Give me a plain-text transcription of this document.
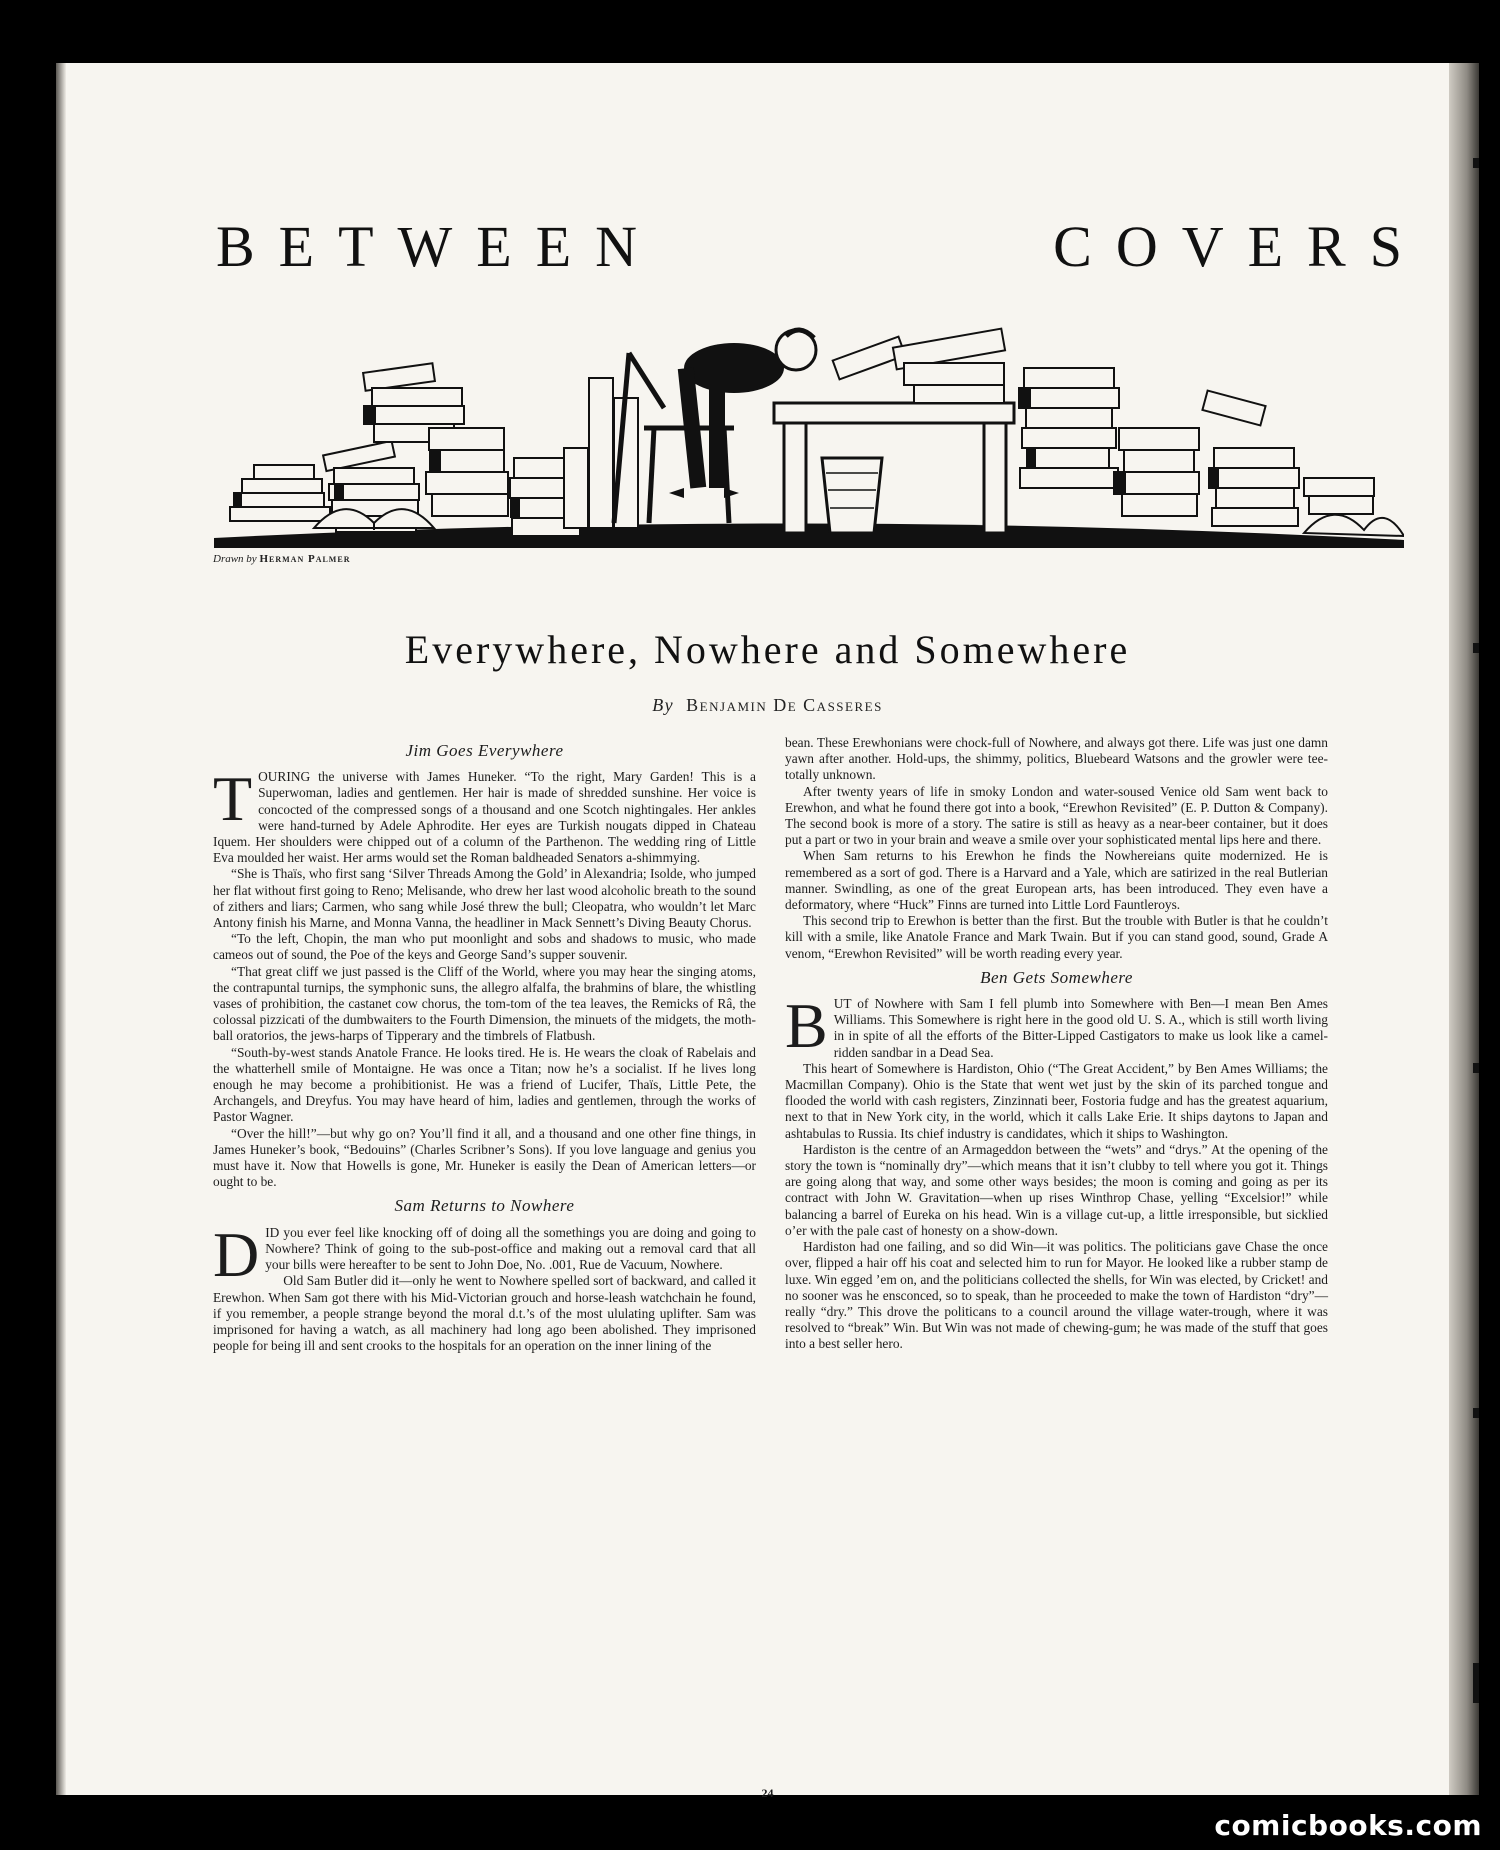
BETWEEN	COVERS
Drawn by Herman Palmer
Everywhere, Nowhere and Somewhere
By Benjamin De Casseres
Jim Goes Everywhere

TOURING the universe with James Huneker. “To the right, Mary Garden! This is a Superwoman, ladies and gentlemen. Her hair is made of shredded sunshine. Her voice is concocted of the compressed songs of a thousand and one Scotch nightingales. Her ankles were hand-turned by Adele Aphrodite. Her eyes are Turkish nougats dipped in Chateau Iquem. Her shoulders were chipped out of a column of the Parthenon. The wedding ring of Little Eva moulded her waist. Her arms would set the Roman baldheaded Senators a-shimmying.

“She is Thaïs, who first sang ‘Silver Threads Among the Gold’ in Alexandria; Isolde, who jumped her flat without first going to Reno; Melisande, who drew her last wood alcoholic breath to the sound of zithers and liars; Carmen, who sang while José threw the bull; Cleopatra, who wouldn’t let Marc Antony finish his Marne, and Monna Vanna, the headliner in Mack Sennett’s Diving Beauty Chorus.

“To the left, Chopin, the man who put moonlight and sobs and shadows to music, who made cameos out of sound, the Poe of the keys and George Sand’s supper souvenir.

“That great cliff we just passed is the Cliff of the World, where you may hear the singing atoms, the contrapuntal turnips, the symphonic suns, the allegro alfalfa, the brahmins of blare, the whistling vases of prohibition, the castanet cow chorus, the tom-tom of the tea leaves, the Remicks of Râ, the colossal pizzicati of the dumbwaiters to the Fourth Dimension, the minuets of the midgets, the moth-ball oratorios, the jews-harps of Tipperary and the timbrels of Flatbush.

“South-by-west stands Anatole France. He looks tired. He is. He wears the cloak of Rabelais and the whatterhell smile of Montaigne. He was once a Titan; now he’s a socialist. If he lives long enough he may become a prohibitionist. He was a friend of Lucifer, Thaïs, Little Pete, the Archangels, and Dreyfus. You may have heard of him, ladies and gentlemen, through the works of Pastor Wagner.

“Over the hill!”—but why go on? You’ll find it all, and a thousand and one other fine things, in James Huneker’s book, “Bedouins” (Charles Scribner’s Sons). If you love language and genius you must have it. Now that Howells is gone, Mr. Huneker is easily the Dean of American letters—or ought to be.

Sam Returns to Nowhere

DID you ever feel like knocking off of doing all the somethings you are doing and going to Nowhere? Think of going to the sub-post-office and making out a removal card that all your bills were hereafter to be sent to John Doe, No. .001, Rue de Vacuum, Nowhere.

Old Sam Butler did it—only he went to Nowhere spelled sort of backward, and called it Erewhon. When Sam got there with his Mid-Victorian grouch and horse-leash watchchain he found, if you remember, a people strange beyond the moral d.t.’s of the most ululating uplifter. Sam was imprisoned for having a watch, as all machinery had long ago been abolished. They imprisoned people for being ill and sent crooks to the hospitals for an operation on the inner lining of the

bean. These Erewhonians were chock-full of Nowhere, and always got there. Life was just one damn yawn after another. Hold-ups, the shimmy, politics, Bluebeard Watsons and the growler were tee-totally unknown.

After twenty years of life in smoky London and water-soused Venice old Sam went back to Erewhon, and what he found there got into a book, “Erewhon Revisited” (E. P. Dutton & Company). The second book is more of a story. The satire is still as heavy as a near-beer container, but it does put a part or two in your brain and weave a smile over your sophisticated mental lips here and there.

When Sam returns to his Erewhon he finds the Nowhereians quite modernized. He is remembered as a sort of god. There is a Harvard and a Yale, which are satirized in the real Butlerian manner. Swindling, as one of the great European arts, has been introduced. They even have a deformatory, where “Huck” Finns are turned into Little Lord Fauntleroys.

This second trip to Erewhon is better than the first. But the trouble with Butler is that he couldn’t kill with a smile, like Anatole France and Mark Twain. But if you can stand good, sound, Grade A venom, “Erewhon Revisited” will be worth reading every year.

Ben Gets Somewhere

BUT of Nowhere with Sam I fell plumb into Somewhere with Ben—I mean Ben Ames Williams. This Somewhere is right here in the good old U. S. A., which is still worth living in in spite of all the efforts of the Bitter-Lipped Castigators to make us look like a camel-ridden sandbar in a Dead Sea.

This heart of Somewhere is Hardiston, Ohio (“The Great Accident,” by Ben Ames Williams; the Macmillan Company). Ohio is the State that went wet just by the skin of its parched tongue and flooded the world with cash registers, Zinzinnati beer, Fostoria fudge and has the greatest aquarium, next to that in New York city, in the world, which it calls Lake Erie. It ships daytons to Japan and ashtabulas to Russia. Its chief industry is candidates, which it ships to Washington.

Hardiston is the centre of an Armageddon between the “wets” and “drys.” At the opening of the story the town is “nominally dry”—which means that it isn’t clubby to tell where you got it. Things are going along that way, and some other ways besides; the moon is coming and going as per its contract with John W. Gravitation—when up rises Winthrop Chase, yelling “Excelsior!” while balancing a barrel of Eureka on his head. Win is a village cut-up, a little irresponsible, but sicklied o’er with the pale cast of honesty on a show-down.

Hardiston had one failing, and so did Win—it was politics. The politicians gave Chase the once over, flipped a hair off his coat and selected him to run for Mayor. He looked like a rubber stamp de luxe. Win egged ’em on, and the politicians collected the shells, for Win was elected, by Cricket! and no sooner was he ensconced, so to speak, than he proceeded to make the town of Hardiston “dry”—really “dry.” This drove the politicans to a council around the village water-trough, where it was resolved to “break” Win. But Win was not made of chewing-gum; he was made of the stuff that goes into a best seller hero.

24
comicbooks.com
